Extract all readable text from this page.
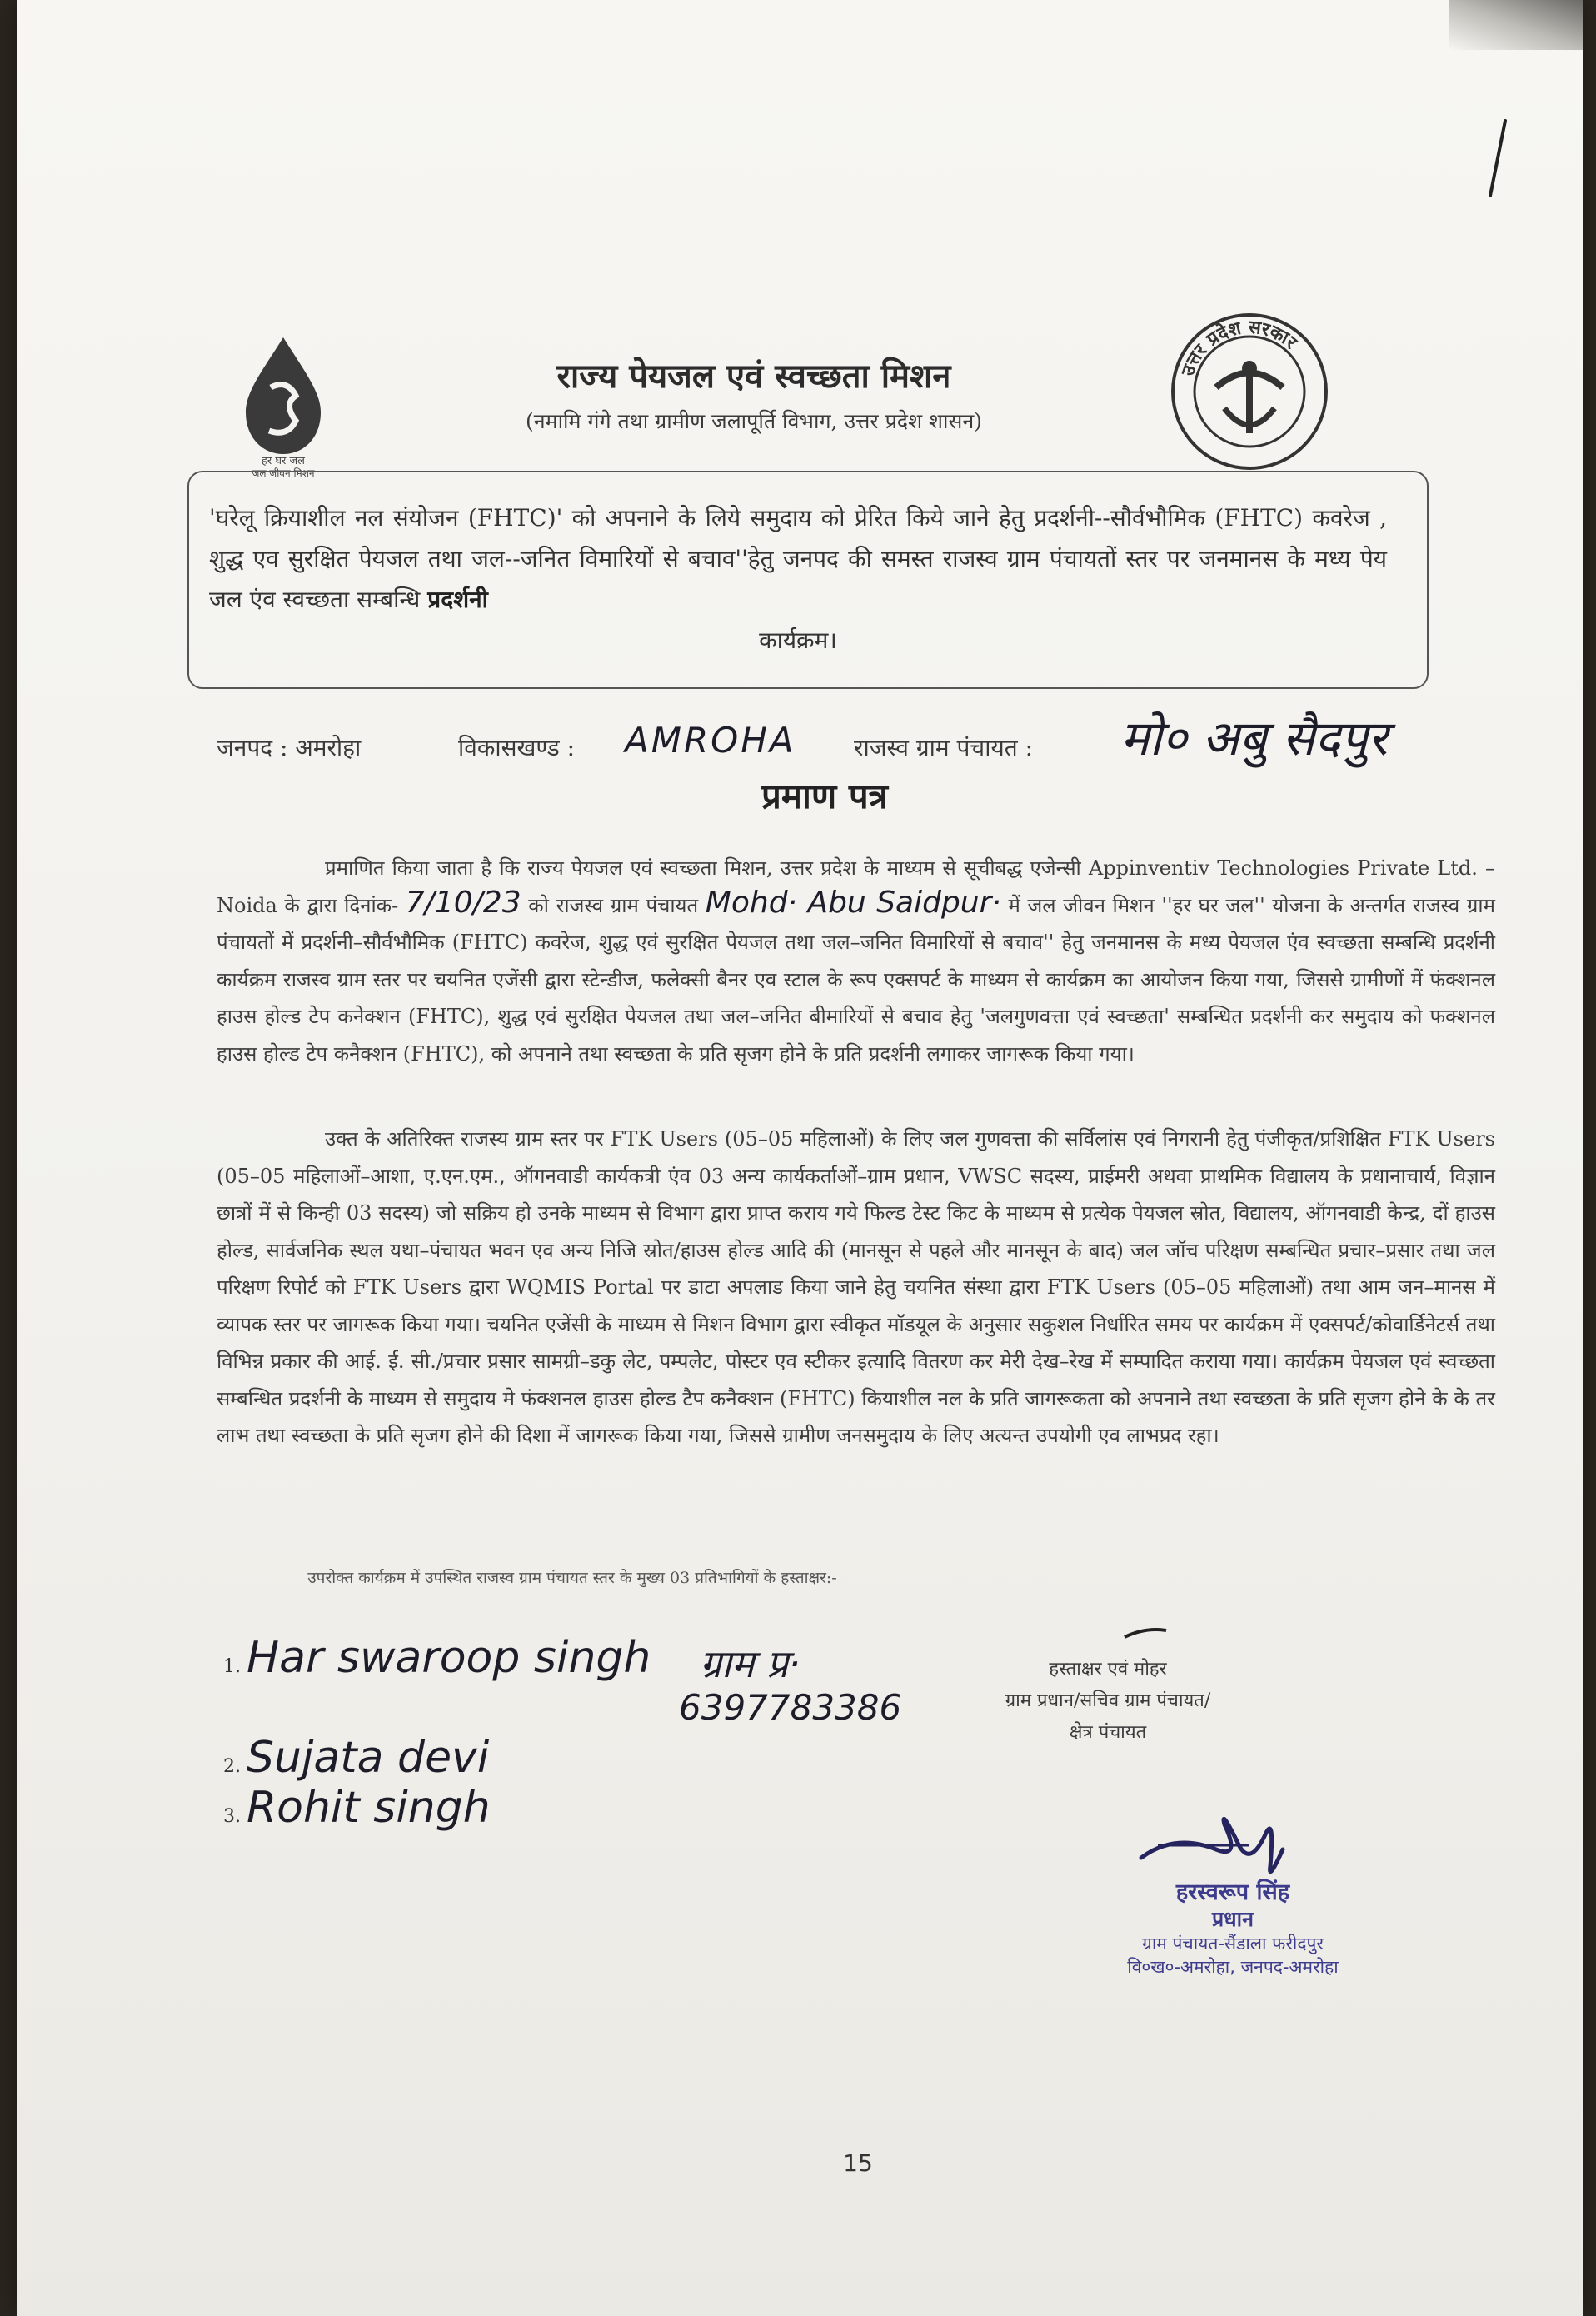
हर घर जल
जल जीवन मिशन
उत्तर प्रदेश सरकार
राज्य पेयजल एवं स्वच्छता मिशन
(नमामि गंगे तथा ग्रामीण जलापूर्ति विभाग, उत्तर प्रदेश शासन)
'घरेलू क्रियाशील नल संयोजन (FHTC)' को अपनाने के लिये समुदाय को प्रेरित किये जाने हेतु प्रदर्शनी--सौर्वभौमिक (FHTC) कवरेज , शुद्ध एव सुरक्षित पेयजल तथा जल--जनित विमारियों से बचाव''हेतु जनपद की समस्त राजस्व ग्राम पंचायतों स्तर पर जनमानस के मध्य पेय जल एंव स्वच्छता सम्बन्धि प्रदर्शनी
कार्यक्रम।
जनपद : अमरोहा	विकासखण्ड : AMROHA राजस्व ग्राम पंचायत : मो० अबु सैदपुर
प्रमाण पत्र
प्रमाणित किया जाता है कि राज्य पेयजल एवं स्वच्छता मिशन, उत्तर प्रदेश के माध्यम से सूचीबद्ध एजेन्सी Appinventiv Technologies Private Ltd. – Noida के द्वारा दिनांक- 7/10/23 को राजस्व ग्राम पंचायत Mohd· Abu Saidpur· में जल जीवन मिशन ''हर घर जल'' योजना के अन्तर्गत राजस्व ग्राम पंचायतों में प्रदर्शनी–सौर्वभौमिक (FHTC) कवरेज, शुद्ध एवं सुरक्षित पेयजल तथा जल–जनित विमारियों से बचाव'' हेतु जनमानस के मध्य पेयजल एंव स्वच्छता सम्बन्धि प्रदर्शनी कार्यक्रम राजस्व ग्राम स्तर पर चयनित एजेंसी द्वारा स्टेन्डीज, फलेक्सी बैनर एव स्टाल के रूप एक्सपर्ट के माध्यम से कार्यक्रम का आयोजन किया गया, जिससे ग्रामीणों में फंक्शनल हाउस होल्ड टेप कनेक्शन (FHTC), शुद्ध एवं सुरक्षित पेयजल तथा जल–जनित बीमारियों से बचाव हेतु 'जलगुणवत्ता एवं स्वच्छता' सम्बन्धित प्रदर्शनी कर समुदाय को फक्शनल हाउस होल्ड टेप कनैक्शन (FHTC), को अपनाने तथा स्वच्छता के प्रति सृजग होने के प्रति प्रदर्शनी लगाकर जागरूक किया गया।
उक्त के अतिरिक्त राजस्य ग्राम स्तर पर FTK Users (05–05 महिलाओं) के लिए जल गुणवत्ता की सर्विलांस एवं निगरानी हेतु पंजीकृत/प्रशिक्षित FTK Users (05–05 महिलाओं–आशा, ए.एन.एम., ऑगनवाडी कार्यकत्री एंव 03 अन्य कार्यकर्ताओं–ग्राम प्रधान, VWSC सदस्य, प्राईमरी अथवा प्राथमिक विद्यालय के प्रधानाचार्य, विज्ञान छात्रों में से किन्ही 03 सदस्य) जो सक्रिय हो उनके माध्यम से विभाग द्वारा प्राप्त कराय गये फिल्ड टेस्ट किट के माध्यम से प्रत्येक पेयजल स्रोत, विद्यालय, ऑगनवाडी केन्द्र, दों हाउस होल्ड, सार्वजनिक स्थल यथा–पंचायत भवन एव अन्य निजि स्रोत/हाउस होल्ड आदि की (मानसून से पहले और मानसून के बाद) जल जॉच परिक्षण सम्बन्धित प्रचार–प्रसार तथा जल परिक्षण रिपोर्ट को FTK Users द्वारा WQMIS Portal पर डाटा अपलाड किया जाने हेतु चयनित संस्था द्वारा FTK Users (05–05 महिलाओं) तथा आम जन–मानस में व्यापक स्तर पर जागरूक किया गया। चयनित एजेंसी के माध्यम से मिशन विभाग द्वारा स्वीकृत मॉडयूल के अनुसार सकुशल निर्धारित समय पर कार्यक्रम में एक्सपर्ट/कोवार्डिनेटर्स तथा विभिन्न प्रकार की आई. ई. सी./प्रचार प्रसार सामग्री–डकु लेट, पम्पलेट, पोस्टर एव स्टीकर इत्यादि वितरण कर मेरी देख–रेख में सम्पादित कराया गया। कार्यक्रम पेयजल एवं स्वच्छता सम्बन्धित प्रदर्शनी के माध्यम से समुदाय मे फंक्शनल हाउस होल्ड टैप कनैक्शन (FHTC) कियाशील नल के प्रति जागरूकता को अपनाने तथा स्वच्छता के प्रति सृजग होने के के तर लाभ तथा स्वच्छता के प्रति सृजग होने की दिशा में जागरूक किया गया, जिससे ग्रामीण जनसमुदाय के लिए अत्यन्त उपयोगी एव लाभप्रद रहा।
उपरोक्त कार्यक्रम में उपस्थित राजस्व ग्राम पंचायत स्तर के मुख्य 03 प्रतिभागियों के हस्ताक्षर:-
1. Har swaroop singh ग्राम प्र·
6397783386
2. Sujata devi
3. Rohit singh
हस्ताक्षर एवं मोहर
ग्राम प्रधान/सचिव ग्राम पंचायत/
क्षेत्र पंचायत
हरस्वरूप सिंह
प्रधान
ग्राम पंचायत-सैंडाला फरीदपुर
वि०ख०-अमरोहा, जनपद-अमरोहा
15
